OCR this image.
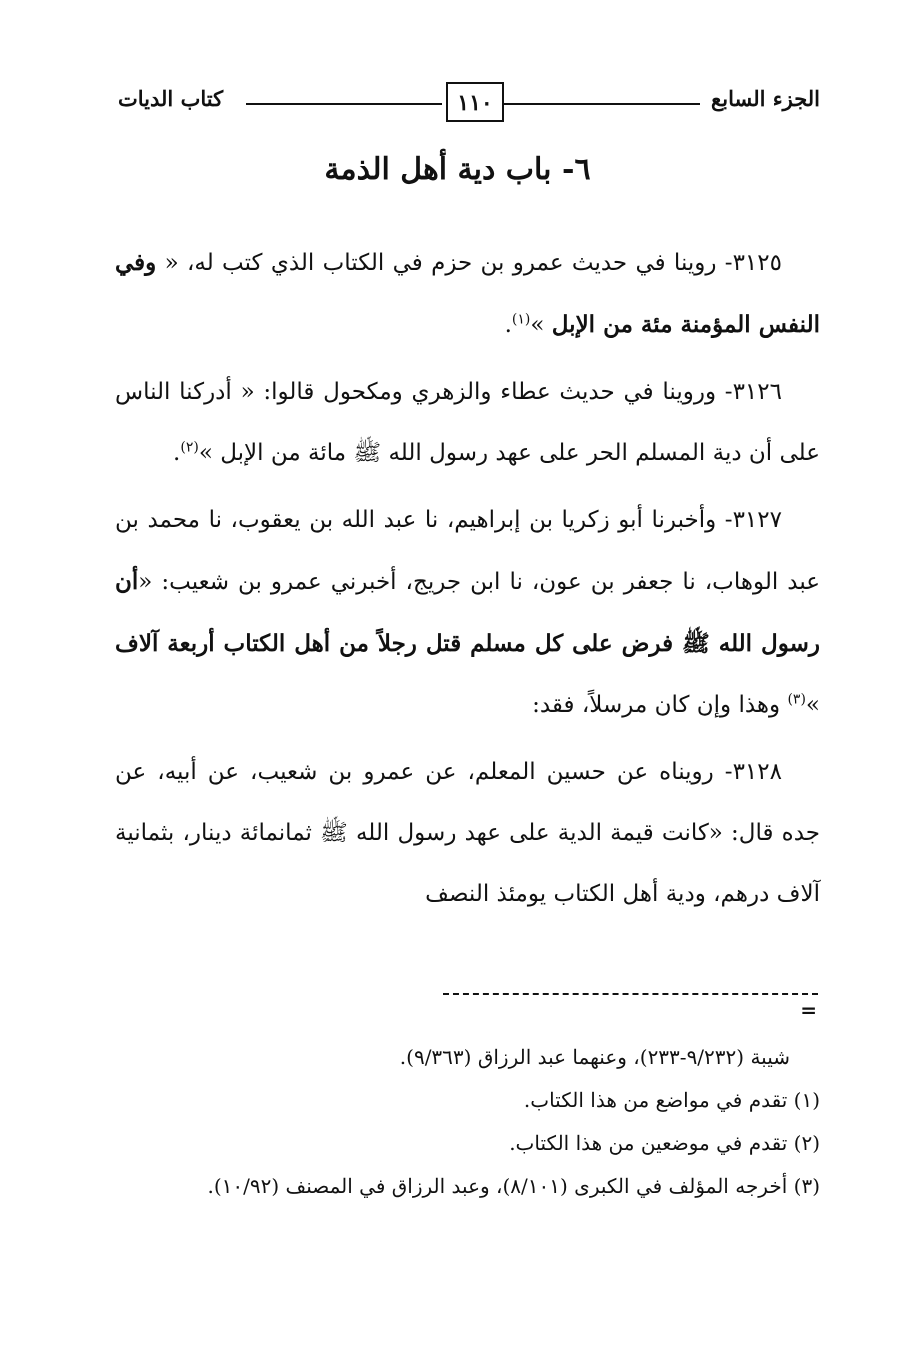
الجزء السابع
١١٠
كتاب الديات
٦- باب دية أهل الذمة

٣١٢٥- روينا في حديث عمرو بن حزم في الكتاب الذي كتب له، « وفي النفس المؤمنة مئة من الإبل »$^{(١)}$.

٣١٢٦- وروينا في حديث عطاء والزهري ومكحول قالوا: « أدركنا الناس على أن دية المسلم الحر على عهد رسول الله ﷺ مائة من الإبل »$^{(٢)}$.

٣١٢٧- وأخبرنا أبو زكريا بن إبراهيم، نا عبد الله بن يعقوب، نا محمد بن عبد الوهاب، نا جعفر بن عون، نا ابن جريج، أخبرني عمرو بن شعيب: «أن رسول الله ﷺ فرض على كل مسلم قتل رجلاً من أهل الكتاب أربعة آلاف »$^{(٣)}$ وهذا وإن كان مرسلاً، فقد:

٣١٢٨- رويناه عن حسين المعلم، عن عمرو بن شعيب، عن أبيه، عن جده قال: «كانت قيمة الدية على عهد رسول الله ﷺ ثمانمائة دينار، بثمانية آلاف درهم، ودية أهل الكتاب يومئذ النصف

=

شيبة (٩/٢٣٢-٢٣٣)، وعنهما عبد الرزاق (٩/٣٦٣).

(١) تقدم في مواضع من هذا الكتاب.

(٢) تقدم في موضعين من هذا الكتاب.

(٣) أخرجه المؤلف في الكبرى (٨/١٠١)، وعبد الرزاق في المصنف (١٠/٩٢).
